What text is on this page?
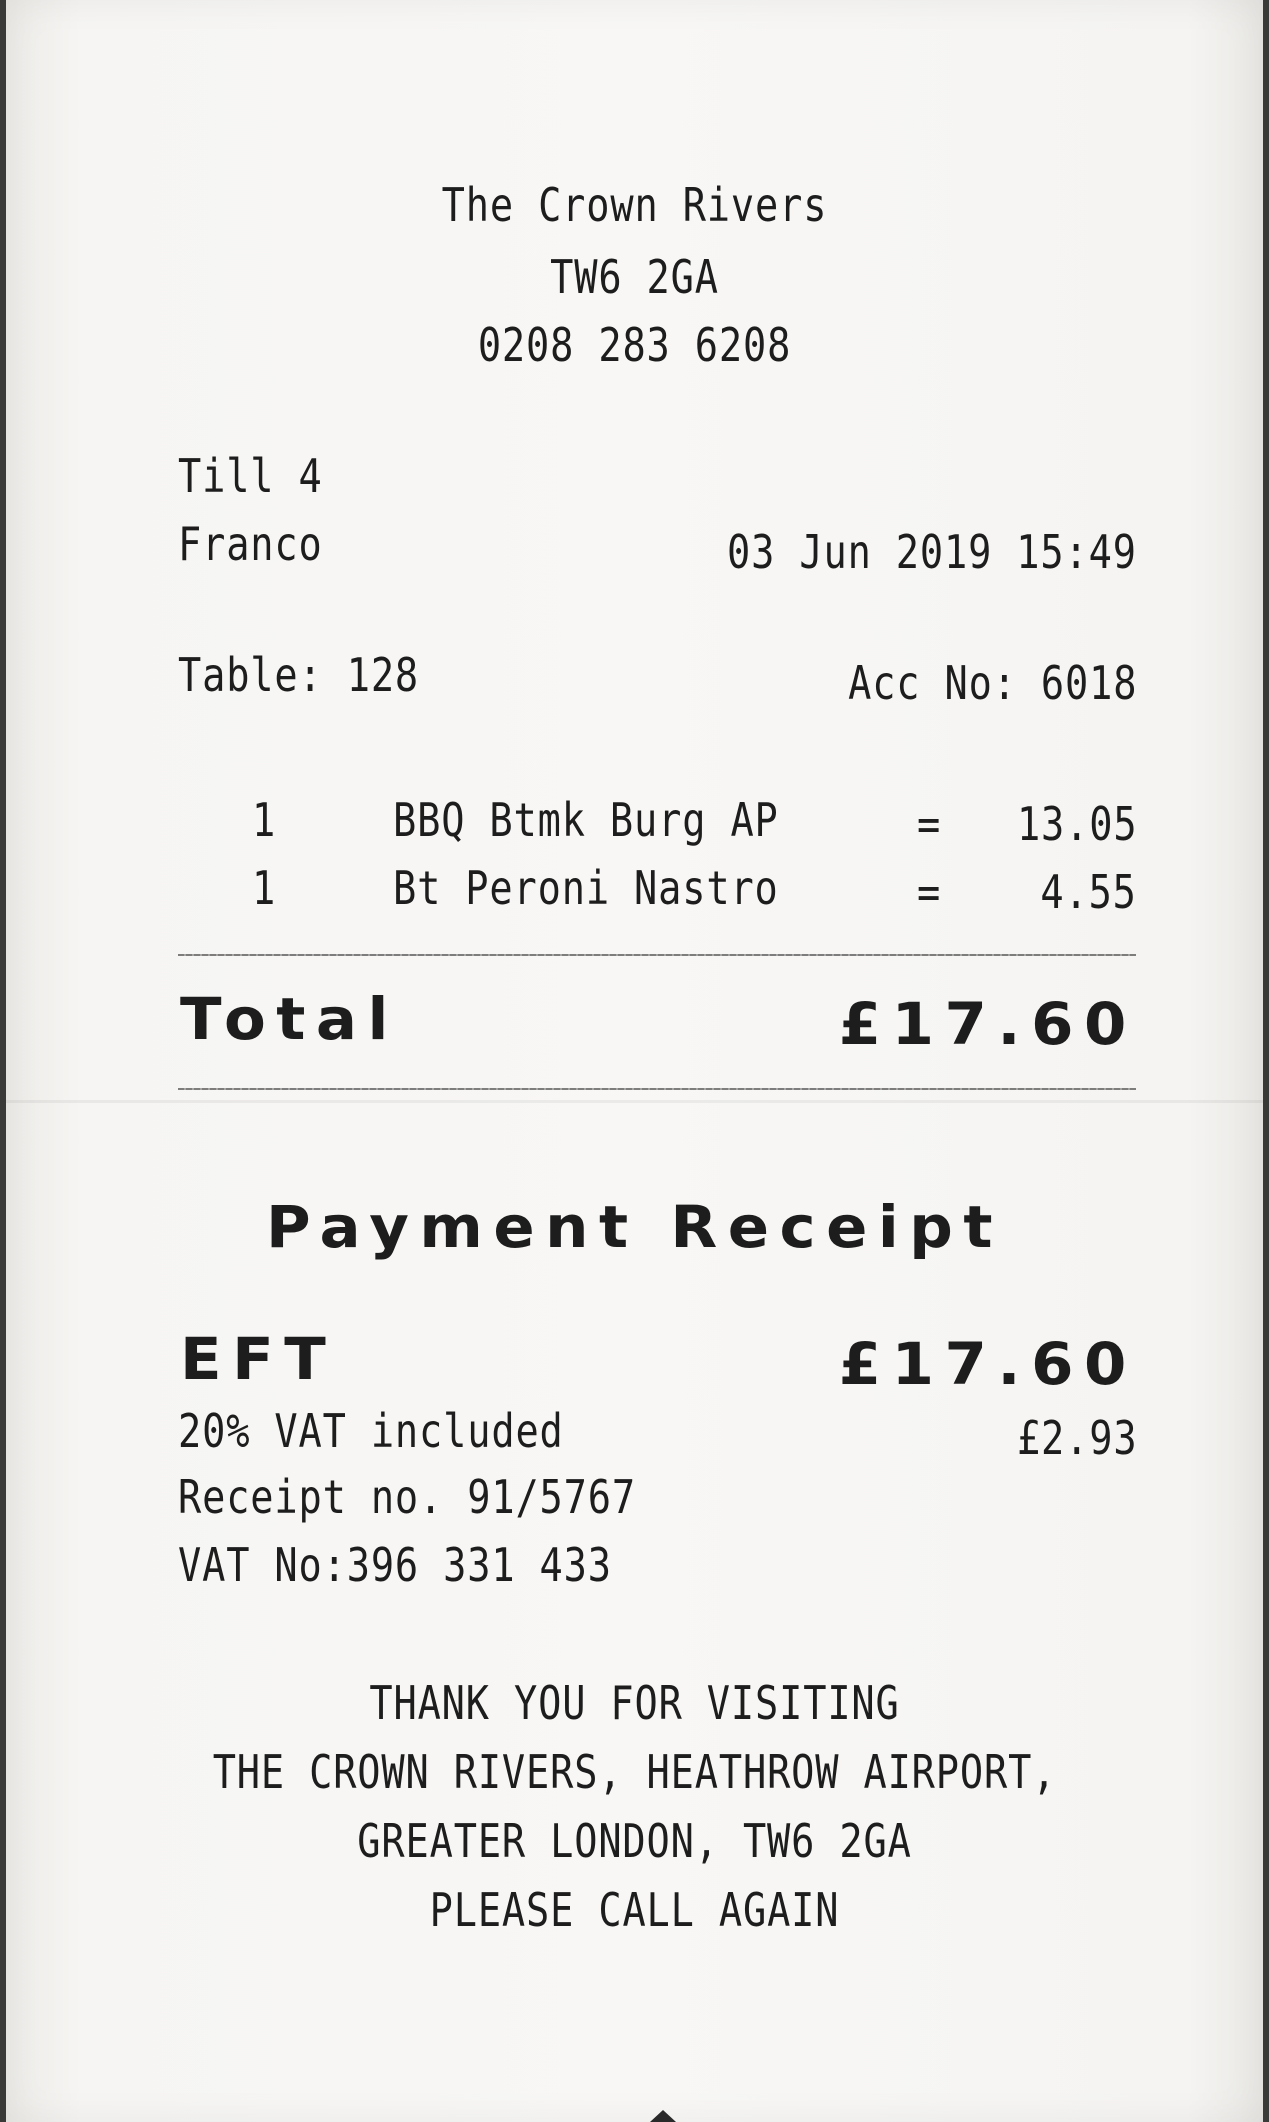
The Crown Rivers
TW6 2GA
0208 283 6208
Till 4
Franco	03 Jun 2019 15:49
Table: 128	Acc No: 6018
1	BBQ Btmk Burg AP	= 13.05
1	Bt Peroni Nastro	= 4.55
Total	£17.60
Payment Receipt
EFT	£17.60
20% VAT included	£2.93
Receipt no. 91/5767
VAT No:396 331 433
THANK YOU FOR VISITING
THE CROWN RIVERS, HEATHROW AIRPORT,
GREATER LONDON, TW6 2GA
PLEASE CALL AGAIN
